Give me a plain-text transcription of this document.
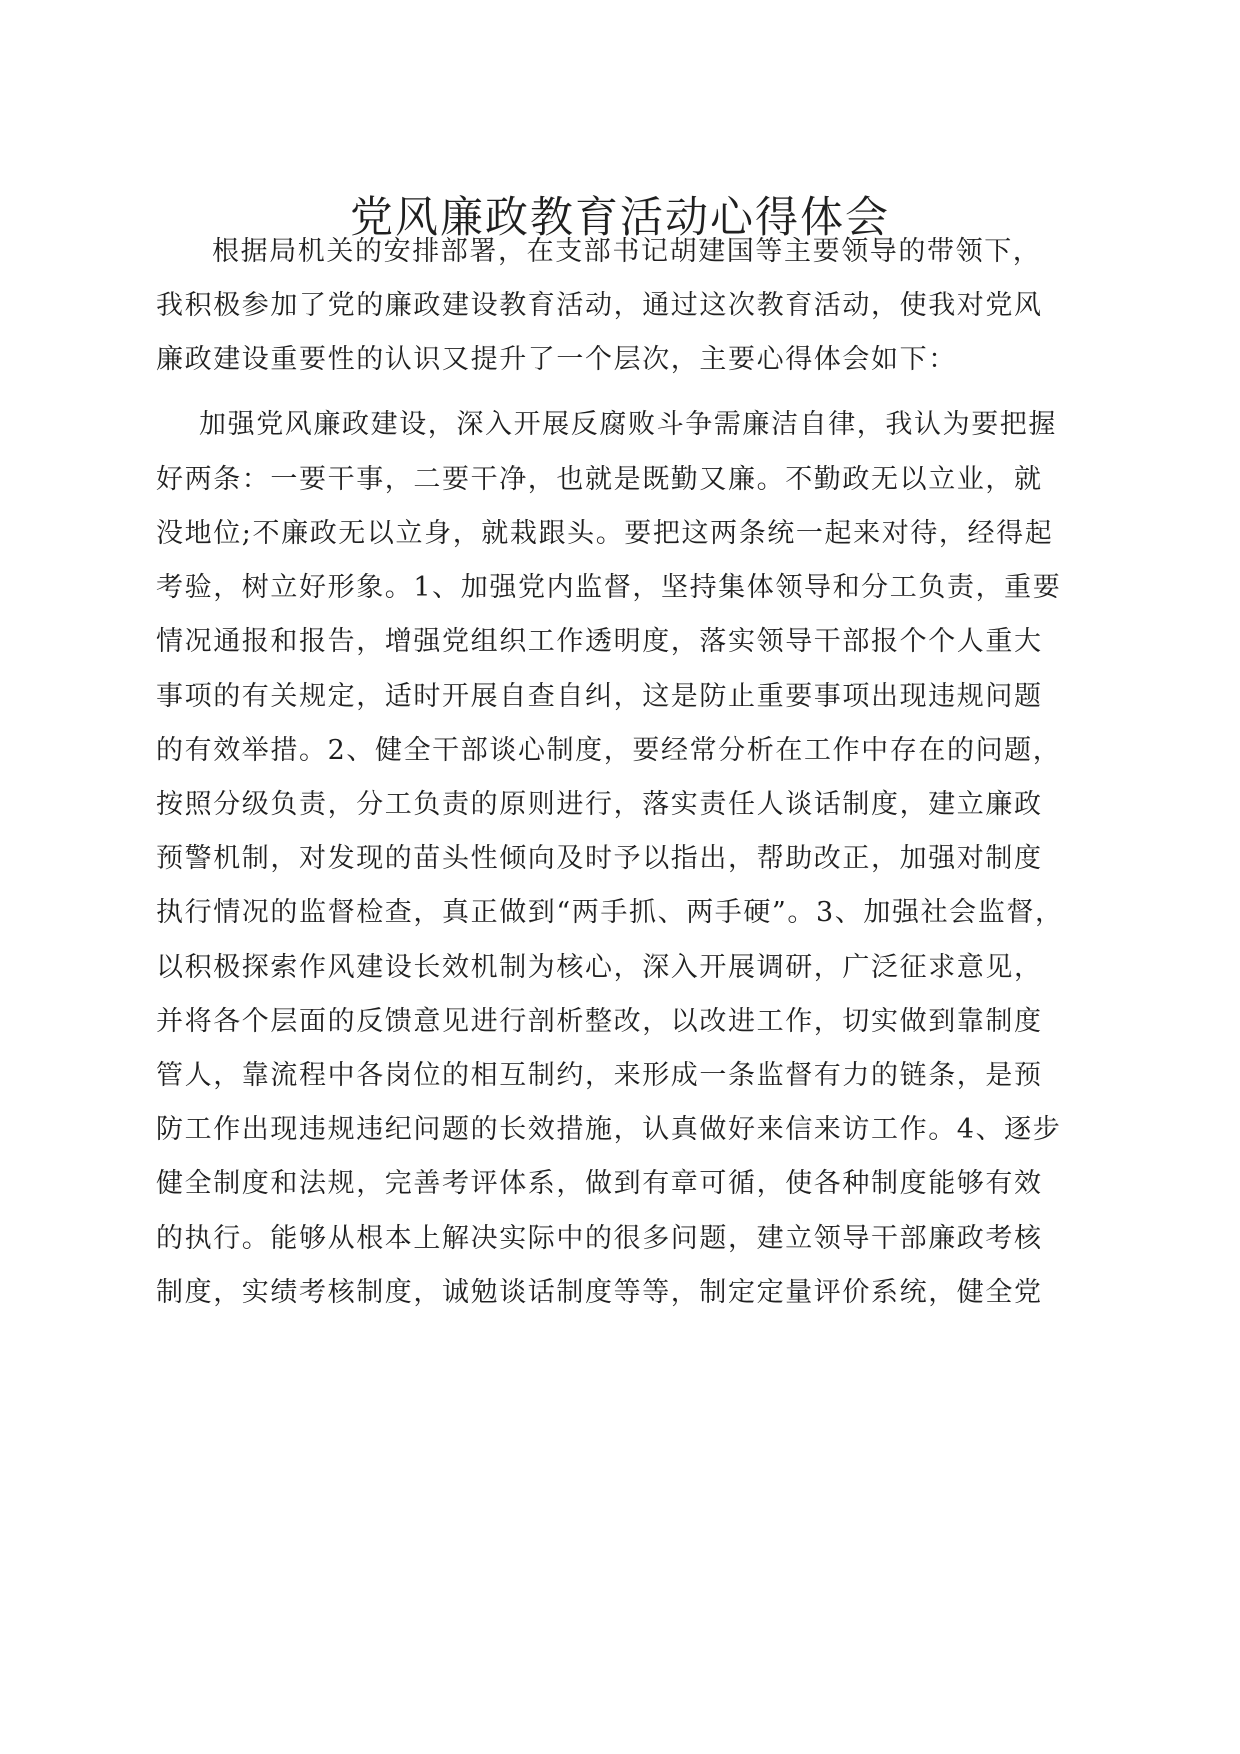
党风廉政教育活动心得体会
根据局机关的安排部署，在支部书记胡建国等主要领导的带领下，
我积极参加了党的廉政建设教育活动，通过这次教育活动，使我对党风
廉政建设重要性的认识又提升了一个层次，主要心得体会如下：
加强党风廉政建设，深入开展反腐败斗争需廉洁自律，我认为要把握
好两条：一要干事，二要干净，也就是既勤又廉。不勤政无以立业，就
没地位;不廉政无以立身，就栽跟头。要把这两条统一起来对待，经得起
考验，树立好形象。1、加强党内监督，坚持集体领导和分工负责，重要
情况通报和报告，增强党组织工作透明度，落实领导干部报个个人重大
事项的有关规定，适时开展自查自纠，这是防止重要事项出现违规问题
的有效举措。2、健全干部谈心制度，要经常分析在工作中存在的问题，
按照分级负责，分工负责的原则进行，落实责任人谈话制度，建立廉政
预警机制，对发现的苗头性倾向及时予以指出，帮助改正，加强对制度
执行情况的监督检查，真正做到“两手抓、两手硬”。3、加强社会监督，
以积极探索作风建设长效机制为核心，深入开展调研，广泛征求意见，
并将各个层面的反馈意见进行剖析整改，以改进工作，切实做到靠制度
管人，靠流程中各岗位的相互制约，来形成一条监督有力的链条，是预
防工作出现违规违纪问题的长效措施，认真做好来信来访工作。4、逐步
健全制度和法规，完善考评体系，做到有章可循，使各种制度能够有效
的执行。能够从根本上解决实际中的很多问题，建立领导干部廉政考核
制度，实绩考核制度，诚勉谈话制度等等，制定定量评价系统，健全党
